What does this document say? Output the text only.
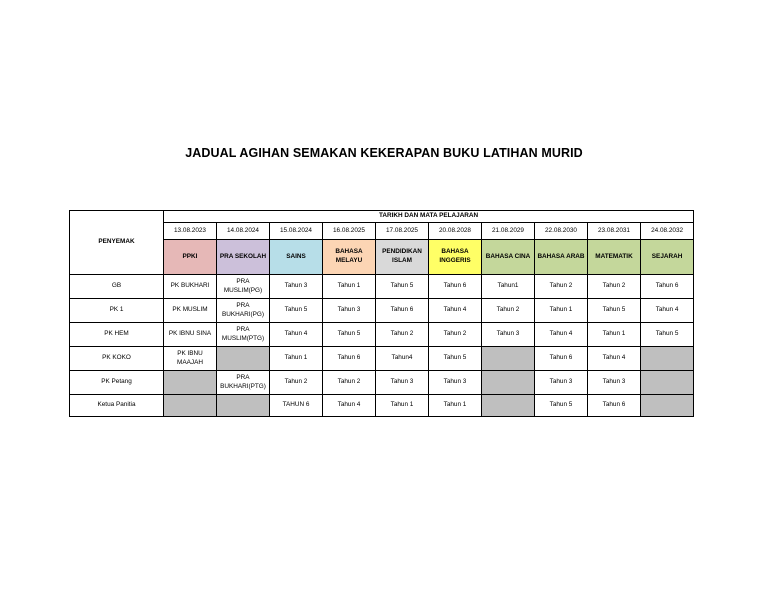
JADUAL AGIHAN SEMAKAN KEKERAPAN BUKU LATIHAN MURID
PENYEMAK	TARIKH DAN MATA PELAJARAN									
	13.08.2023	14.08.2024	15.08.2024	16.08.2025	17.08.2025	20.08.2028	21.08.2029	22.08.2030	23.08.2031	24.08.2032
	PPKI	PRA SEKOLAH	SAINS	BAHASA MELAYU	PENDIDIKAN ISLAM	BAHASA INGGERIS	BAHASA CINA	BAHASA ARAB	MATEMATIK	SEJARAH
GB	PK BUKHARI	PRA MUSLIM(PG)	Tahun 3	Tahun 1	Tahun 5	Tahun 6	Tahun1	Tahun 2	Tahun 2	Tahun 6
PK 1	PK MUSLIM	PRA BUKHARI(PG)	Tahun 5	Tahun 3	Tahun 6	Tahun 4	Tahun 2	Tahun 1	Tahun 5	Tahun 4
PK HEM	PK IBNU SINA	PRA MUSLIM(PTG)	Tahun 4	Tahun 5	Tahun 2	Tahun 2	Tahun 3	Tahun 4	Tahun 1	Tahun 5
PK KOKO	PK IBNU MAAJAH		Tahun 1	Tahun 6	Tahun4	Tahun 5		Tahun 6	Tahun 4	
PK Petang		PRA BUKHARI(PTG)	Tahun 2	Tahun 2	Tahun 3	Tahun 3		Tahun 3	Tahun 3	
Ketua Panitia			TAHUN 6	Tahun 4	Tahun 1	Tahun 1		Tahun 5	Tahun 6	
